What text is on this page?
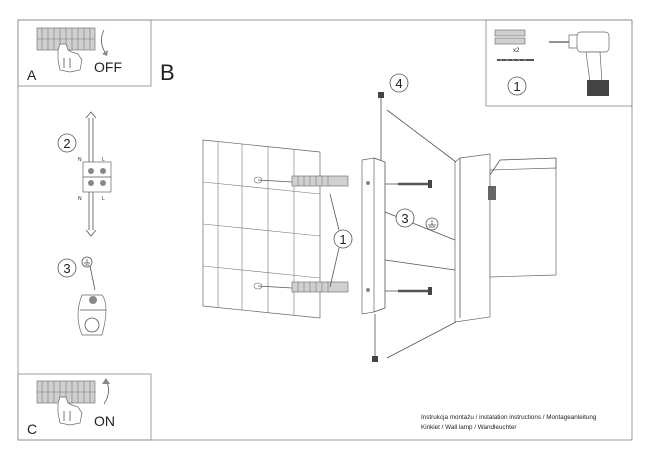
A	OFF B
x2
1
2
N	L
N	L
3
C	ON
4
3
1
Instrukcja montażu / instalation instructions / Montageanleitung
Kinkiet / Wall lamp / Wandleuchter
